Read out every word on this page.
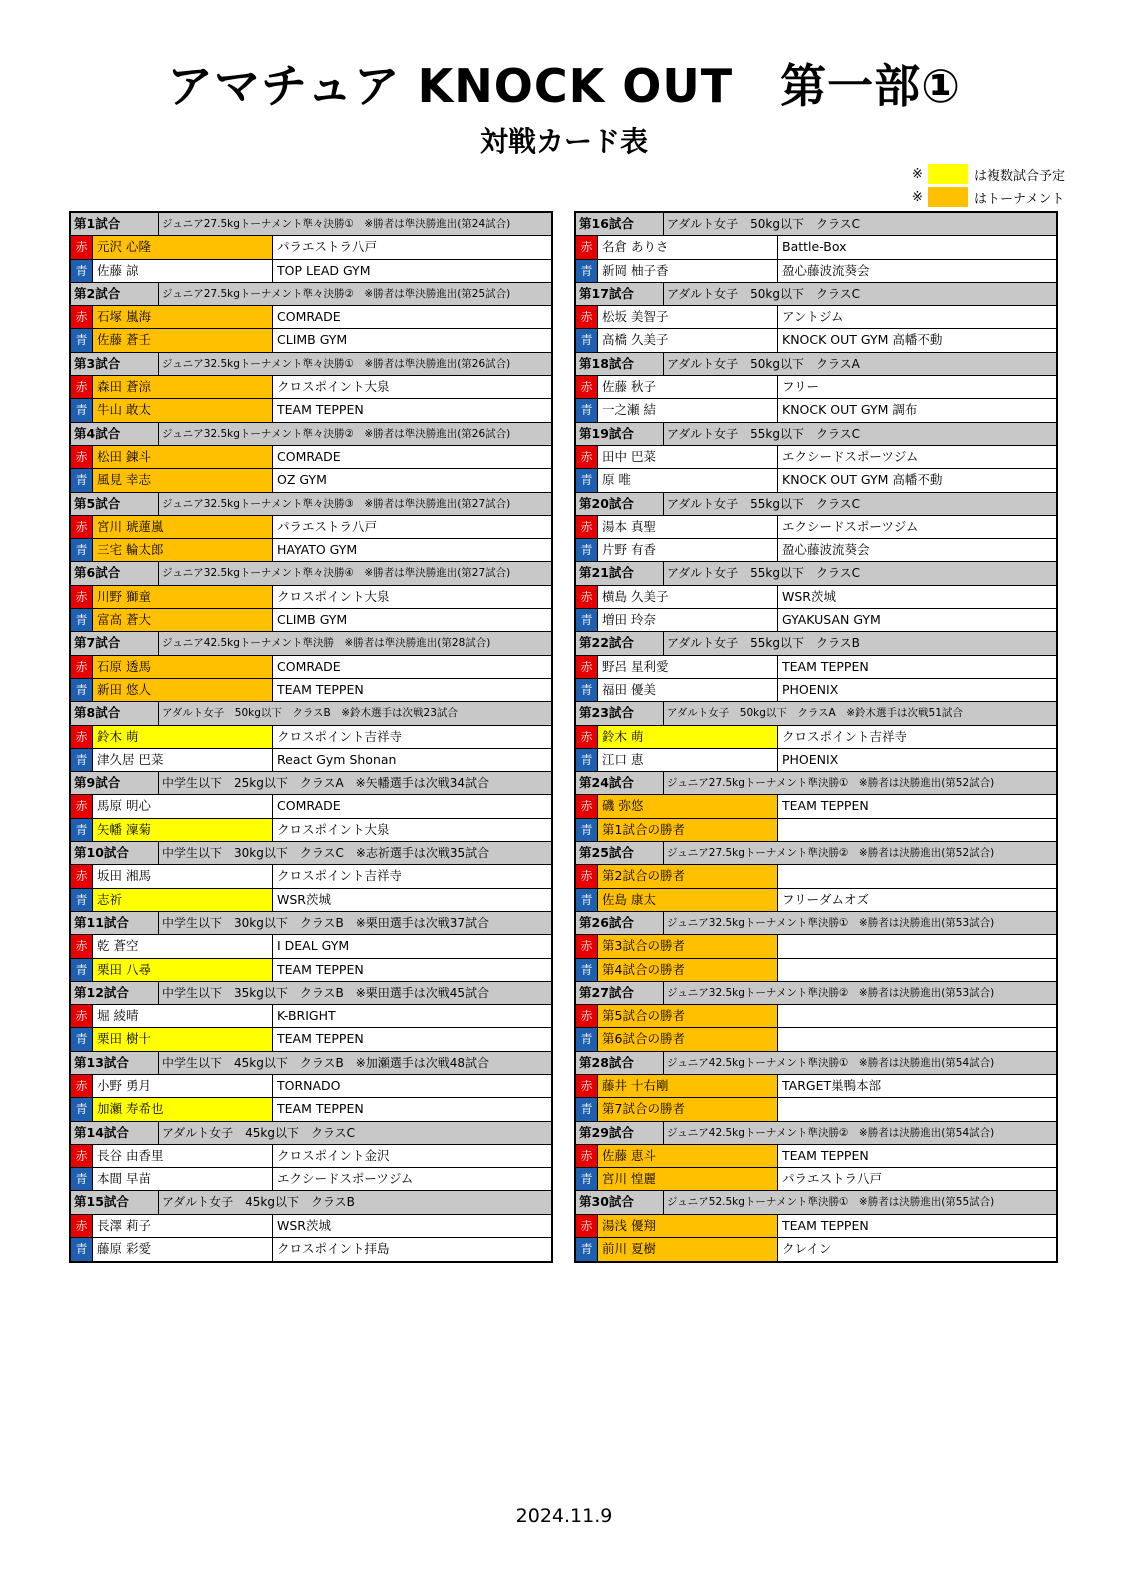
アマチュア KNOCK OUT　第一部①
対戦カード表
※	は複数試合予定
※	はトーナメント
第1試合	ジュニア27.5kgトーナメント準々決勝①　※勝者は準決勝進出(第24試合)
赤 元沢 心隆	パラエストラ八戸
青 佐藤 諒	TOP LEAD GYM
第2試合	ジュニア27.5kgトーナメント準々決勝②　※勝者は準決勝進出(第25試合)
赤 石塚 嵐海	COMRADE
青 佐藤 蒼壬	CLIMB GYM
第3試合	ジュニア32.5kgトーナメント準々決勝①　※勝者は準決勝進出(第26試合)
赤 森田 蒼涼	クロスポイント大泉
青 牛山 敢太	TEAM TEPPEN
第4試合	ジュニア32.5kgトーナメント準々決勝②　※勝者は準決勝進出(第26試合)
赤 松田 錬斗	COMRADE
青 風見 幸志	OZ GYM
第5試合	ジュニア32.5kgトーナメント準々決勝③　※勝者は準決勝進出(第27試合)
赤 宮川 琥蓮嵐	パラエストラ八戸
青 三宅 輪太郎	HAYATO GYM
第6試合	ジュニア32.5kgトーナメント準々決勝④　※勝者は準決勝進出(第27試合)
赤 川野 獅童	クロスポイント大泉
青 富高 蒼大	CLIMB GYM
第7試合	ジュニア42.5kgトーナメント準決勝　※勝者は準決勝進出(第28試合)
赤 石原 透馬	COMRADE
青 新田 悠人	TEAM TEPPEN
第8試合	アダルト女子　50kg以下　クラスB　※鈴木選手は次戦23試合
赤 鈴木 萌	クロスポイント吉祥寺
青 津久居 巴菜	React Gym Shonan
第9試合	中学生以下　25kg以下　クラスA　※矢幡選手は次戦34試合
赤 馬原 明心	COMRADE
青 矢幡 凜菊	クロスポイント大泉
第10試合	中学生以下　30kg以下　クラスC　※志祈選手は次戦35試合
赤 坂田 湘馬	クロスポイント吉祥寺
青 志祈	WSR茨城
第11試合	中学生以下　30kg以下　クラスB　※栗田選手は次戦37試合
赤 乾 蒼空	I DEAL GYM
青 栗田 八尋	TEAM TEPPEN
第12試合	中学生以下　35kg以下　クラスB　※栗田選手は次戦45試合
赤 堀 綾晴	K-BRIGHT
青 栗田 樹十	TEAM TEPPEN
第13試合	中学生以下　45kg以下　クラスB　※加瀬選手は次戦48試合
赤 小野 勇月	TORNADO
青 加瀬 寿希也	TEAM TEPPEN
第14試合	アダルト女子　45kg以下　クラスC
赤 長谷 由香里	クロスポイント金沢
青 本間 早苗	エクシードスポーツジム
第15試合	アダルト女子　45kg以下　クラスB
赤 長澤 莉子	WSR茨城
青 藤原 彩愛	クロスポイント拝島
第16試合	アダルト女子　50kg以下　クラスC
赤 名倉 ありさ	Battle-Box
青 新岡 柚子香	盈心藤波流葵会
第17試合	アダルト女子　50kg以下　クラスC
赤 松坂 美智子	アントジム
青 高橋 久美子	KNOCK OUT GYM 高幡不動
第18試合	アダルト女子　50kg以下　クラスA
赤 佐藤 秋子	フリー
青 一之瀬 結	KNOCK OUT GYM 調布
第19試合	アダルト女子　55kg以下　クラスC
赤 田中 巴菜	エクシードスポーツジム
青 原 唯	KNOCK OUT GYM 高幡不動
第20試合	アダルト女子　55kg以下　クラスC
赤 湯本 真聖	エクシードスポーツジム
青 片野 有香	盈心藤波流葵会
第21試合	アダルト女子　55kg以下　クラスC
赤 横島 久美子	WSR茨城
青 増田 玲奈	GYAKUSAN GYM
第22試合	アダルト女子　55kg以下　クラスB
赤 野呂 星利愛	TEAM TEPPEN
青 福田 優美	PHOENIX
第23試合	アダルト女子　50kg以下　クラスA　※鈴木選手は次戦51試合
赤 鈴木 萌	クロスポイント吉祥寺
青 江口 恵	PHOENIX
第24試合	ジュニア27.5kgトーナメント準決勝①　※勝者は決勝進出(第52試合)
赤 磯 弥悠	TEAM TEPPEN
青 第1試合の勝者
第25試合	ジュニア27.5kgトーナメント準決勝②　※勝者は決勝進出(第52試合)
赤 第2試合の勝者
青 佐島 康太	フリーダムオズ
第26試合	ジュニア32.5kgトーナメント準決勝①　※勝者は決勝進出(第53試合)
赤 第3試合の勝者
青 第4試合の勝者
第27試合	ジュニア32.5kgトーナメント準決勝②　※勝者は決勝進出(第53試合)
赤 第5試合の勝者
青 第6試合の勝者
第28試合	ジュニア42.5kgトーナメント準決勝①　※勝者は決勝進出(第54試合)
赤 藤井 十右剛	TARGET巣鴨本部
青 第7試合の勝者
第29試合	ジュニア42.5kgトーナメント準決勝②　※勝者は決勝進出(第54試合)
赤 佐藤 恵斗	TEAM TEPPEN
青 宮川 惶麗	パラエストラ八戸
第30試合	ジュニア52.5kgトーナメント準決勝①　※勝者は決勝進出(第55試合)
赤 湯浅 優翔	TEAM TEPPEN
青 前川 夏樹	クレイン
2024.11.9
